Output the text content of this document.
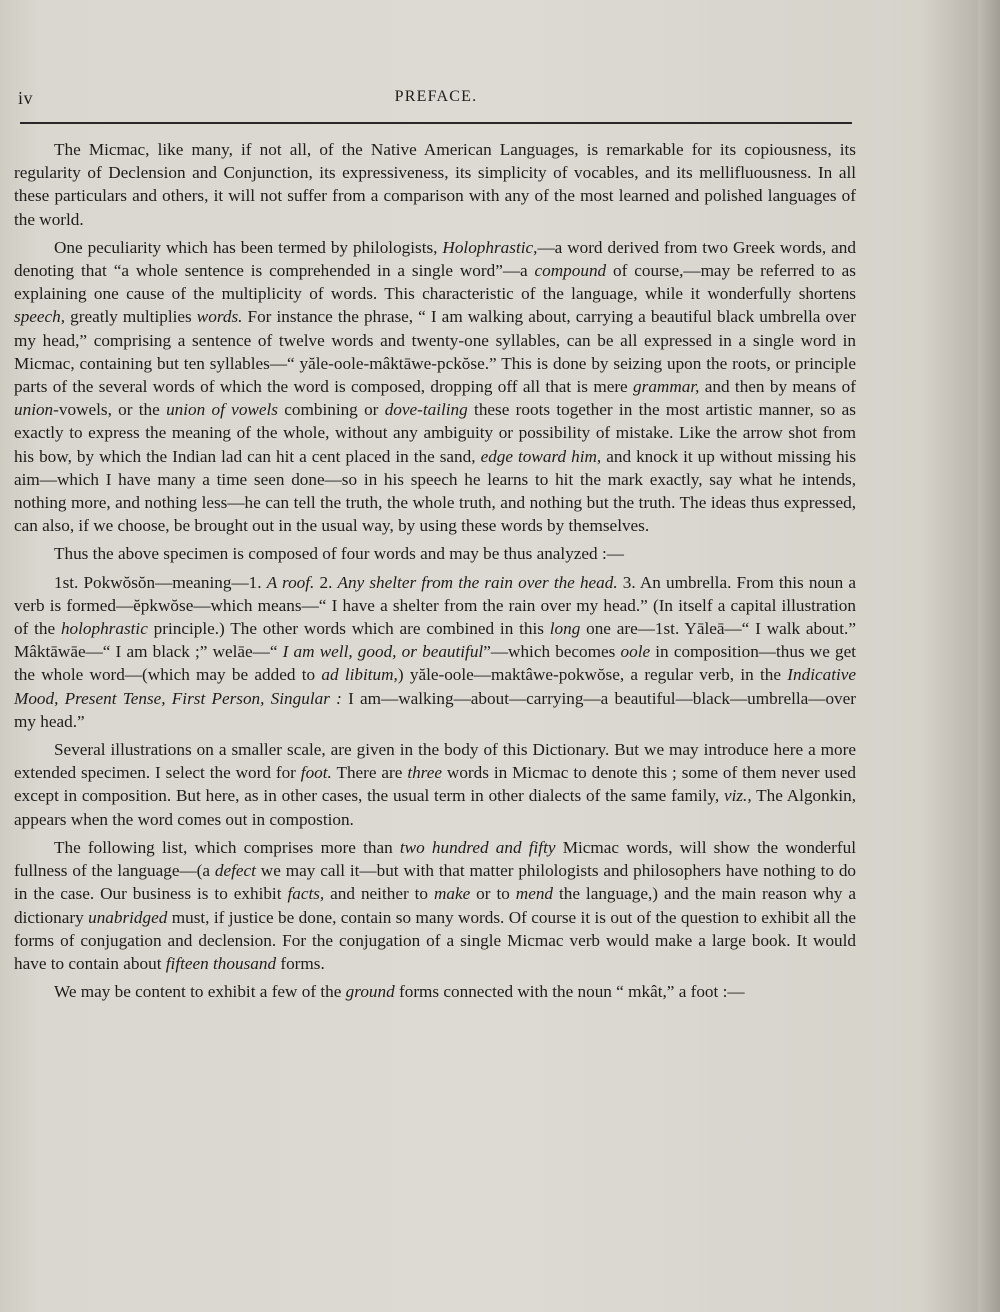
iv	PREFACE.

The Micmac, like many, if not all, of the Native American Languages, is remarkable for its copiousness, its regularity of Declension and Conjunction, its expressiveness, its simplicity of vocables, and its mellifluousness. In all these particulars and others, it will not suffer from a comparison with any of the most learned and polished languages of the world.

One peculiarity which has been termed by philologists, Holophrastic,—a word derived from two Greek words, and denoting that “a whole sentence is comprehended in a single word”—a compound of course,—may be referred to as explaining one cause of the multiplicity of words. This characteristic of the language, while it wonderfully shortens speech, greatly multiplies words. For instance the phrase, “ I am walking about, carrying a beautiful black umbrella over my head,” comprising a sentence of twelve words and twenty-one syllables, can be all expressed in a single word in Micmac, containing but ten syllables—“ yăle-oole-mâktāwe-pckŏse.” This is done by seizing upon the roots, or principle parts of the several words of which the word is composed, dropping off all that is mere grammar, and then by means of union-vowels, or the union of vowels combining or dove-tailing these roots together in the most artistic manner, so as exactly to express the meaning of the whole, without any ambiguity or possibility of mistake. Like the arrow shot from his bow, by which the Indian lad can hit a cent placed in the sand, edge toward him, and knock it up without missing his aim—which I have many a time seen done—so in his speech he learns to hit the mark exactly, say what he intends, nothing more, and nothing less—he can tell the truth, the whole truth, and nothing but the truth. The ideas thus expressed, can also, if we choose, be brought out in the usual way, by using these words by themselves.

Thus the above specimen is composed of four words and may be thus analyzed :—

1st. Pokwŏsŏn—meaning—1. A roof. 2. Any shelter from the rain over the head. 3. An umbrella. From this noun a verb is formed—ĕpkwŏse—which means—“ I have a shelter from the rain over my head.” (In itself a capital illustration of the holophrastic principle.) The other words which are combined in this long one are—1st. Yāleā—“ I walk about.” Mâktāwāe—“ I am black ;” welāe—“ I am well, good, or beautiful”—which becomes oole in composition—thus we get the whole word—(which may be added to ad libitum,) yăle-oole—maktâwe-pokwŏse, a regular verb, in the Indicative Mood, Present Tense, First Person, Singular : I am—walking—about—carrying—a beautiful—black—umbrella—over my head.”

Several illustrations on a smaller scale, are given in the body of this Dictionary. But we may introduce here a more extended specimen. I select the word for foot. There are three words in Micmac to denote this ; some of them never used except in composition. But here, as in other cases, the usual term in other dialects of the same family, viz., The Algonkin, appears when the word comes out in compostion.

The following list, which comprises more than two hundred and fifty Micmac words, will show the wonderful fullness of the language—(a defect we may call it—but with that matter philologists and philosophers have nothing to do in the case. Our business is to exhibit facts, and neither to make or to mend the language,) and the main reason why a dictionary unabridged must, if justice be done, contain so many words. Of course it is out of the question to exhibit all the forms of conjugation and declension. For the conjugation of a single Micmac verb would make a large book. It would have to contain about fifteen thousand forms.

We may be content to exhibit a few of the ground forms connected with the noun “ mkât,” a foot :—
